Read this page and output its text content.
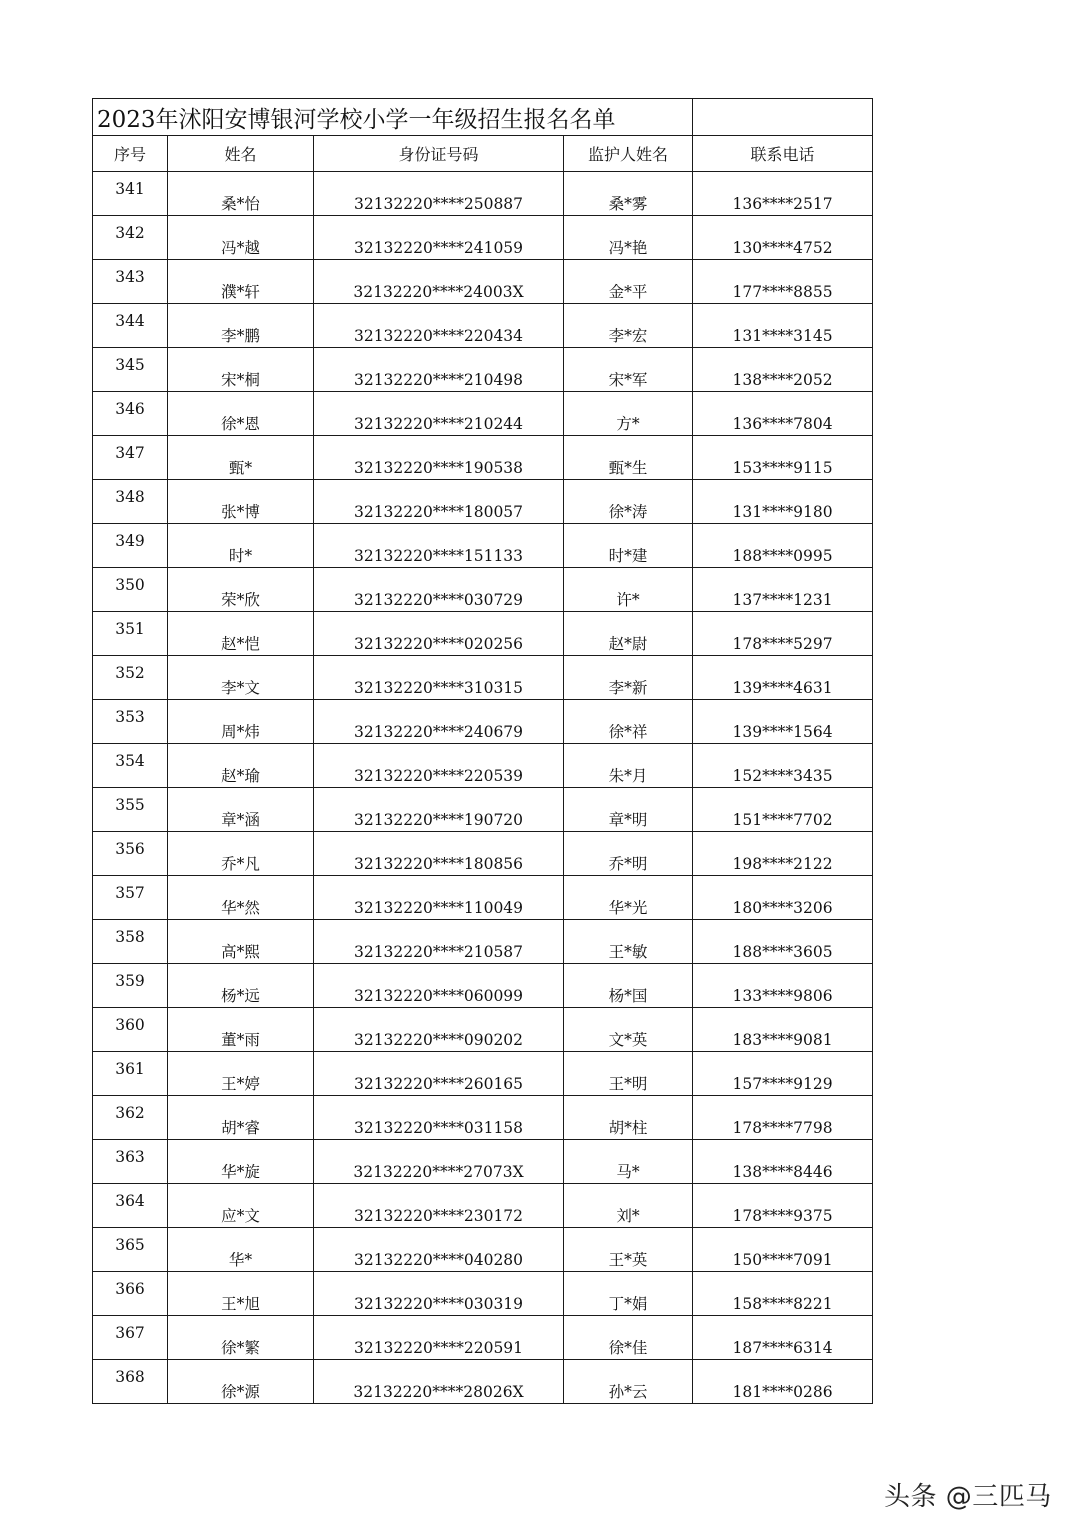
2023年沭阳安博银河学校小学一年级招生报名名单				
序号	姓名	身份证号码	监护人姓名	联系电话
341	桑*怡	32132220****250887	桑*雾	136****2517
342	冯*越	32132220****241059	冯*艳	130****4752
343	濮*轩	32132220****24003X	金*平	177****8855
344	李*鹏	32132220****220434	李*宏	131****3145
345	宋*桐	32132220****210498	宋*军	138****2052
346	徐*恩	32132220****210244	方*	136****7804
347	甄*	32132220****190538	甄*生	153****9115
348	张*博	32132220****180057	徐*涛	131****9180
349	时*	32132220****151133	时*建	188****0995
350	荣*欣	32132220****030729	许*	137****1231
351	赵*恺	32132220****020256	赵*尉	178****5297
352	李*文	32132220****310315	李*新	139****4631
353	周*炜	32132220****240679	徐*祥	139****1564
354	赵*瑜	32132220****220539	朱*月	152****3435
355	章*涵	32132220****190720	章*明	151****7702
356	乔*凡	32132220****180856	乔*明	198****2122
357	华*然	32132220****110049	华*光	180****3206
358	高*熙	32132220****210587	王*敏	188****3605
359	杨*远	32132220****060099	杨*国	133****9806
360	董*雨	32132220****090202	文*英	183****9081
361	王*婷	32132220****260165	王*明	157****9129
362	胡*睿	32132220****031158	胡*柱	178****7798
363	华*旋	32132220****27073X	马*	138****8446
364	应*文	32132220****230172	刘*	178****9375
365	华*	32132220****040280	王*英	150****7091
366	王*旭	32132220****030319	丁*娟	158****8221
367	徐*繁	32132220****220591	徐*佳	187****6314
368	徐*源	32132220****28026X	孙*云	181****0286
头条 @三匹马
